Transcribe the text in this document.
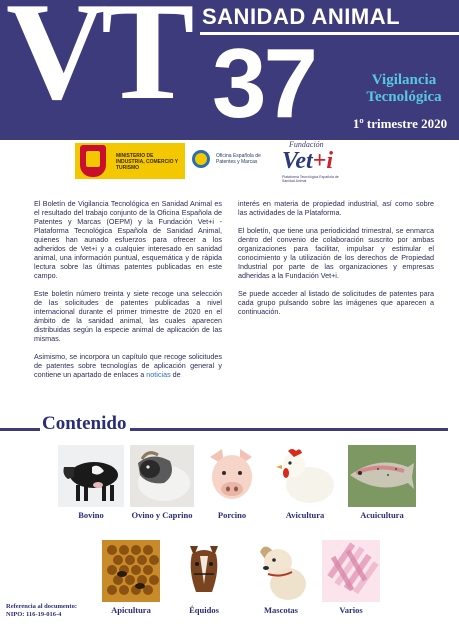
VT SANIDAD ANIMAL
37	Vigilancia
Tecnológica
1º trimestre 2020
MINISTERIO DE INDUSTRIA, COMERCIO Y TURISMO
Oficina Española de Patentes y Marcas
Fundación
Vet+i
Plataforma Tecnológica Española de Sanidad Animal

El Boletín de Vigilancia Tecnológica en Sanidad Animal es el resultado del trabajo conjunto de la Oficina Española de Patentes y Marcas (OEPM) y la Fundación Vet+i - Plataforma Tecnológica Española de Sanidad Animal, quienes han aunado esfuerzos para ofrecer a los adheridos de Vet+i y a cualquier interesado en sanidad animal, una información puntual, esquemática y de rápida lectura sobre las últimas patentes publicadas en este campo.

Este boletín número treinta y siete recoge una selección de las solicitudes de patentes publicadas a nivel internacional durante el primer trimestre de 2020 en el ámbito de la sanidad animal, las cuales aparecen distribuidas según la especie animal de aplicación de las mismas.

Asimismo, se incorpora un capítulo que recoge solicitudes de patentes sobre tecnologías de aplicación general y contiene un apartado de enlaces a noticias de

interés en materia de propiedad industrial, así como sobre las actividades de la Plataforma.

El boletín, que tiene una periodicidad trimestral, se enmarca dentro del convenio de colaboración suscrito por ambas organizaciones para facilitar, impulsar y estimular el conocimiento y la utilización de los derechos de Propiedad Industrial por parte de las organizaciones y empresas adheridas a la Fundación Vet+i.

Se puede acceder al listado de solicitudes de patentes para cada grupo pulsando sobre las imágenes que aparecen a continuación.

Contenido
Bovino	Ovino y Caprino	Porcino	Avicultura	Acuicultura
Apicultura	Équidos	Mascotas	Varios
Referencia al documento:
NIPO: 116-19-016-4
